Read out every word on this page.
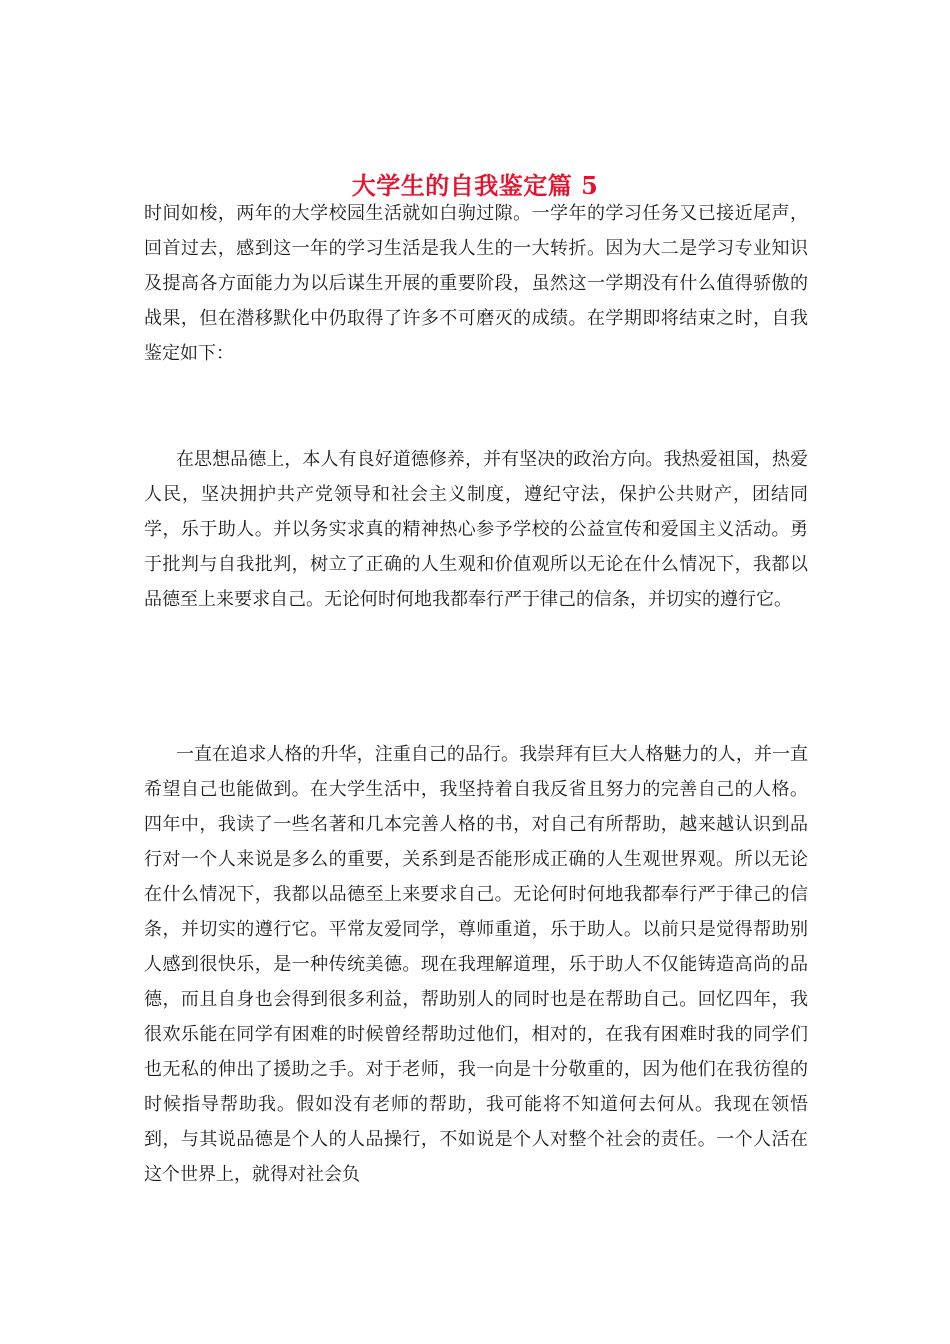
大学生的自我鉴定篇 5

时间如梭，两年的大学校园生活就如白驹过隙。一学年的学习任务又已接近尾声，回首过去，感到这一年的学习生活是我人生的一大转折。因为大二是学习专业知识及提高各方面能力为以后谋生开展的重要阶段，虽然这一学期没有什么值得骄傲的战果，但在潜移默化中仍取得了许多不可磨灭的成绩。在学期即将结束之时，自我鉴定如下：

在思想品德上，本人有良好道德修养，并有坚决的政治方向。我热爱祖国，热爱人民，坚决拥护共产党领导和社会主义制度，遵纪守法，保护公共财产，团结同学，乐于助人。并以务实求真的精神热心参予学校的公益宣传和爱国主义活动。勇于批判与自我批判，树立了正确的人生观和价值观所以无论在什么情况下，我都以品德至上来要求自己。无论何时何地我都奉行严于律己的信条，并切实的遵行它。

一直在追求人格的升华，注重自己的品行。我崇拜有巨大人格魅力的人，并一直希望自己也能做到。在大学生活中，我坚持着自我反省且努力的完善自己的人格。四年中，我读了一些名著和几本完善人格的书，对自己有所帮助，越来越认识到品行对一个人来说是多么的重要，关系到是否能形成正确的人生观世界观。所以无论在什么情况下，我都以品德至上来要求自己。无论何时何地我都奉行严于律己的信条，并切实的遵行它。平常友爱同学，尊师重道，乐于助人。以前只是觉得帮助别人感到很快乐，是一种传统美德。现在我理解道理，乐于助人不仅能铸造高尚的品德，而且自身也会得到很多利益，帮助别人的同时也是在帮助自己。回忆四年，我很欢乐能在同学有困难的时候曾经帮助过他们，相对的，在我有困难时我的同学们也无私的伸出了援助之手。对于老师，我一向是十分敬重的，因为他们在我彷徨的时候指导帮助我。假如没有老师的帮助，我可能将不知道何去何从。我现在领悟到，与其说品德是个人的人品操行，不如说是个人对整个社会的责任。一个人活在这个世界上，就得对社会负
